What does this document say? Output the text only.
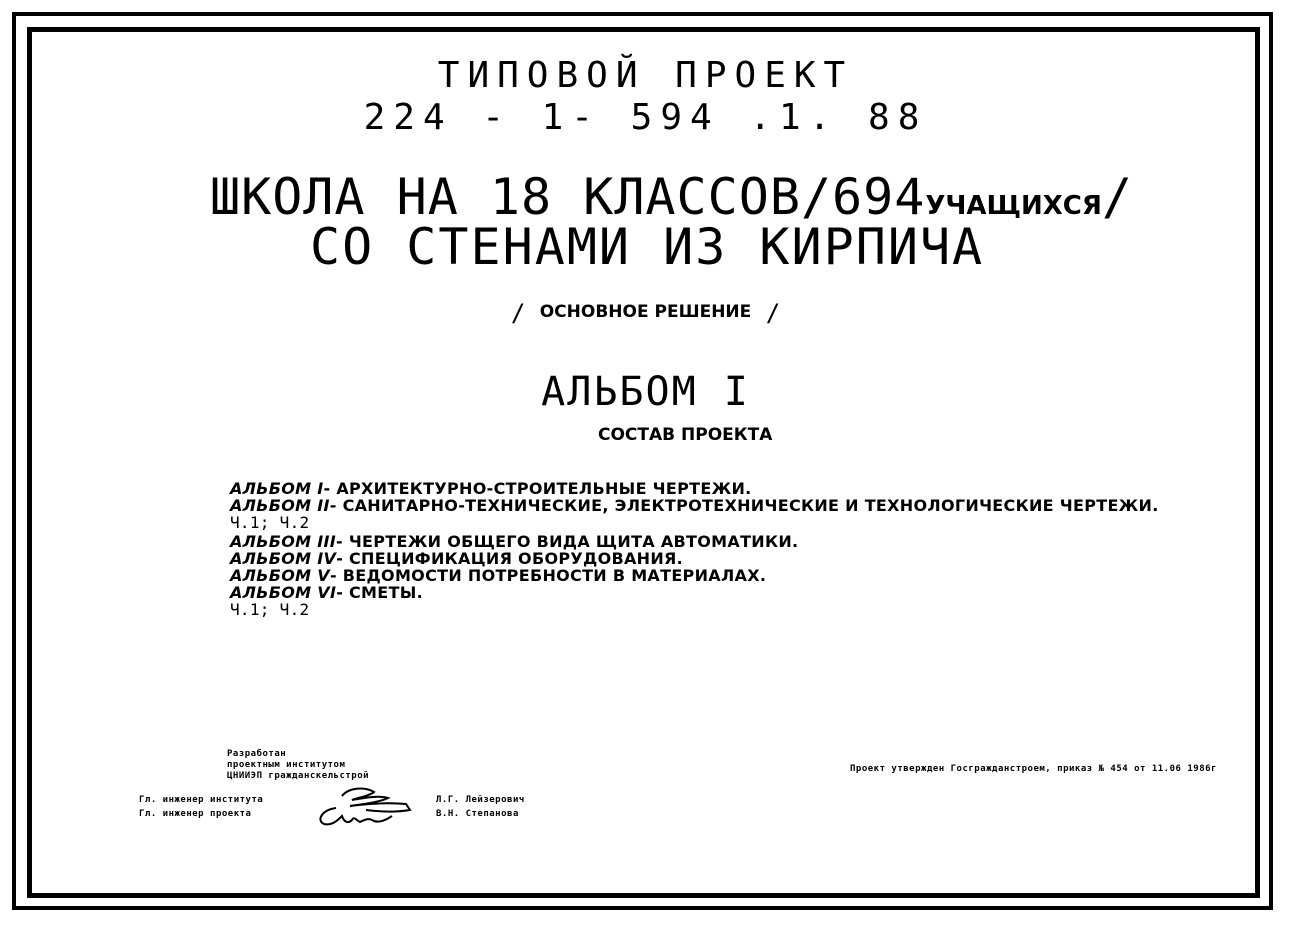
ТИПОВОЙ ПРОЕКТ
224 - 1- 594 .1. 88
ШКОЛА НА 18 КЛАССОВ/694УЧАЩИХСЯ/
СО СТЕНАМИ ИЗ КИРПИЧА
/ ОСНОВНОЕ РЕШЕНИЕ /
АЛЬБОМ I
СОСТАВ ПРОЕКТА
АЛЬБОМ I- АРХИТЕКТУРНО-СТРОИТЕЛЬНЫЕ ЧЕРТЕЖИ.
АЛЬБОМ II- САНИТАРНО-ТЕХНИЧЕСКИЕ, ЭЛЕКТРОТЕХНИЧЕСКИЕ И ТЕХНОЛОГИЧЕСКИЕ ЧЕРТЕЖИ.
Ч.1; Ч.2
АЛЬБОМ III- ЧЕРТЕЖИ ОБЩЕГО ВИДА ЩИТА АВТОМАТИКИ.
АЛЬБОМ IV- СПЕЦИФИКАЦИЯ ОБОРУДОВАНИЯ.
АЛЬБОМ V- ВЕДОМОСТИ ПОТРЕБНОСТИ В МАТЕРИАЛАХ.
АЛЬБОМ VI- СМЕТЫ.
Ч.1; Ч.2
Разработан
проектным институтом
ЦНИИЭП гражданскельстрой
Гл. инженер института
Гл. инженер проекта
Л.Г. Лейзерович
В.Н. Степанова
Проект утвержден Госгражданстроем, приказ № 454 от 11.06 1986г
